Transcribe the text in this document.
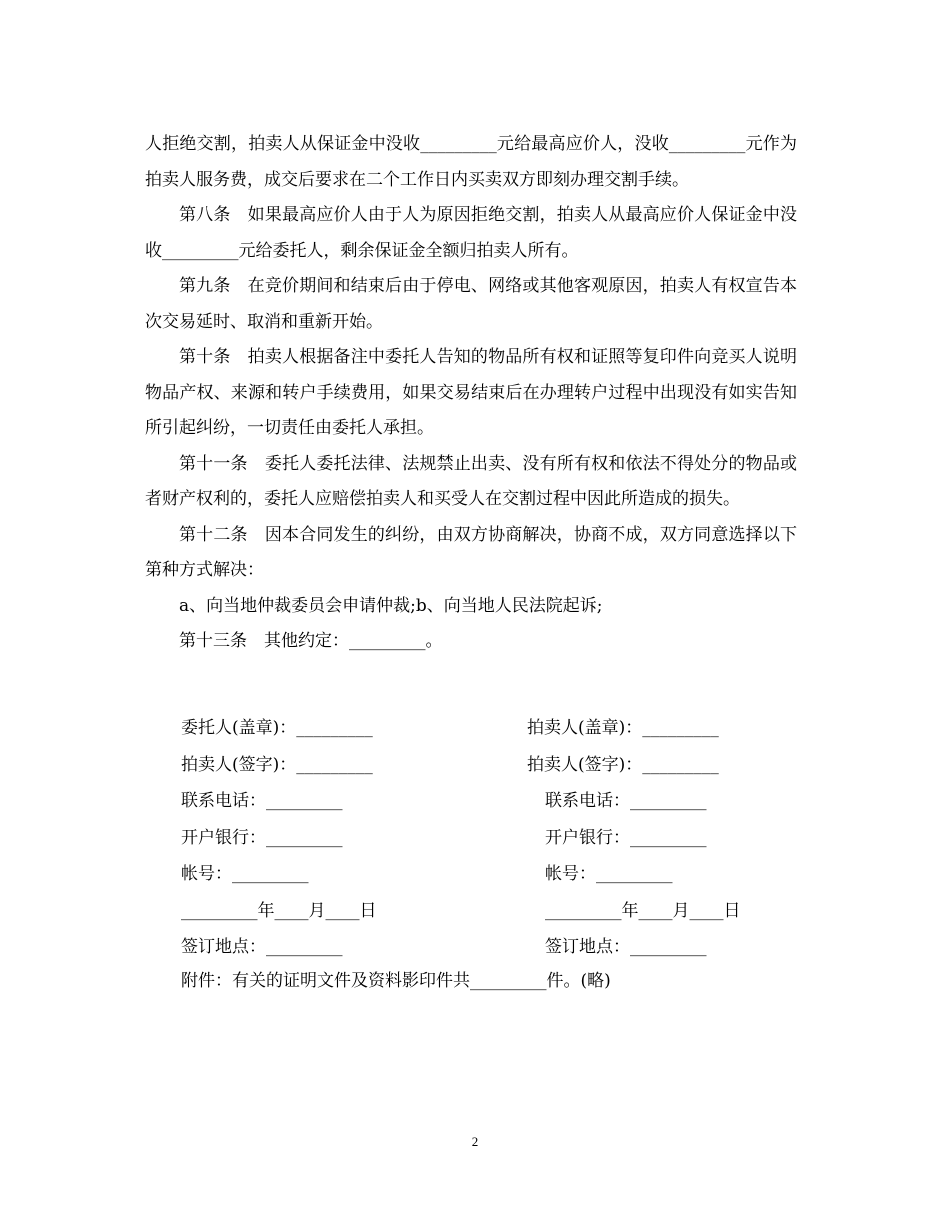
人拒绝交割，拍卖人从保证金中没收_________元给最高应价人，没收_________元作为拍卖人服务费，成交后要求在二个工作日内买卖双方即刻办理交割手续。

第八条　如果最高应价人由于人为原因拒绝交割，拍卖人从最高应价人保证金中没收_________元给委托人，剩余保证金全额归拍卖人所有。

第九条　在竞价期间和结束后由于停电、网络或其他客观原因，拍卖人有权宣告本次交易延时、取消和重新开始。

第十条　拍卖人根据备注中委托人告知的物品所有权和证照等复印件向竞买人说明物品产权、来源和转户手续费用，如果交易结束后在办理转户过程中出现没有如实告知所引起纠纷，一切责任由委托人承担。

第十一条　委托人委托法律、法规禁止出卖、没有所有权和依法不得处分的物品或者财产权利的，委托人应赔偿拍卖人和买受人在交割过程中因此所造成的损失。

第十二条　因本合同发生的纠纷，由双方协商解决，协商不成，双方同意选择以下第种方式解决：

a、向当地仲裁委员会申请仲裁;b、向当地人民法院起诉;

第十三条　其他约定：_________。

委托人(盖章)：_________	拍卖人(盖章)：_________
拍卖人(签字)：_________	拍卖人(签字)：_________
联系电话：_________	联系电话：_________
开户银行：_________	开户银行：_________
帐号：_________	帐号：_________
_________年____月____日	_________年____月____日
签订地点：_________	签订地点：_________
附件：有关的证明文件及资料影印件共_________件。(略)
2
